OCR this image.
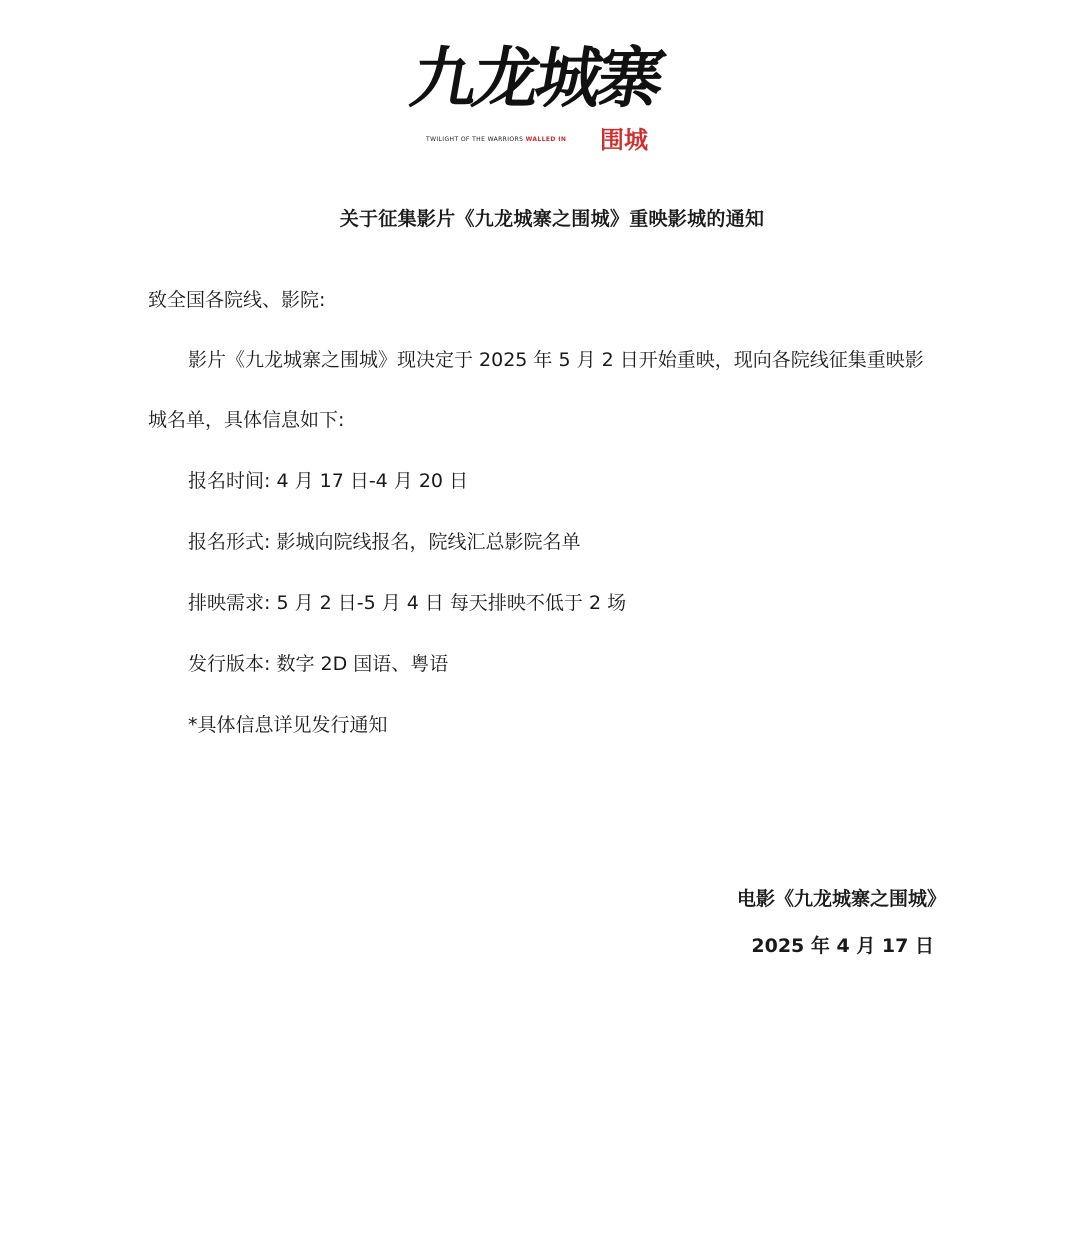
九龙城寨
TWILIGHT OF THE WARRIORS WALLED IN 围城
关于征集影片《九龙城寨之围城》重映影城的通知
致全国各院线、影院:
影片《九龙城寨之围城》现决定于 2025 年 5 月 2 日开始重映，现向各院线征集重映影
城名单，具体信息如下:
报名时间: 4 月 17 日-4 月 20 日
报名形式: 影城向院线报名，院线汇总影院名单
排映需求: 5 月 2 日-5 月 4 日 每天排映不低于 2 场
发行版本: 数字 2D 国语、粤语
*具体信息详见发行通知
电影《九龙城寨之围城》
2025 年 4 月 17 日
